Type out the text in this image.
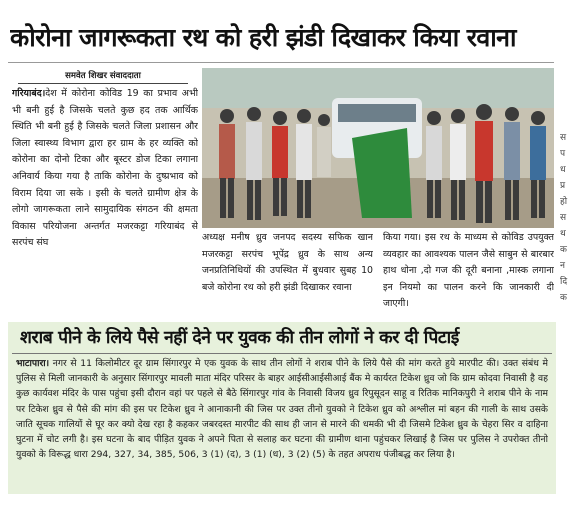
कोरोना जागरूकता रथ को हरी झंडी दिखाकर किया रवाना
समवेत शिखर संवाददाता
गरियाबंद।देश में कोरोना कोविड 19 का प्रभाव अभी भी बनी हुई है जिसके चलते कुछ हद तक आर्थिक स्थिति भी बनी हुई है जिसके चलते जिला प्रशासन और जिला स्वास्थ्य विभाग द्वारा हर ग्राम के हर व्यक्ति को कोरोना का दोनो टिका और बूस्टर डोज टिका लगाना अनिवार्य किया गया है ताकि कोरोना के दुष्प्रभाव को विराम दिया जा सके । इसी के चलते ग्रामीण क्षेत्र के लोगो जागरूकता लाने सामुदायिक संगठन की क्षमता विकास परियोजना अन्तर्गत मजरकट्टा गरियाबंद से सरपंच संघ	अध्यक्ष मनीष ध्रुव जनपद सदस्य सफिक खान मजरकट्टा सरपंच भूपेंद्र ध्रुव के साथ अन्य जनप्रतिनिधियों की उपस्थित में बुधवार सुबह 10 बजे कोरोना रथ को हरी झंडी दिखाकर रवाना
किया गया। इस रथ के माध्यम से कोविड उपयुक्त व्यवहार का आवश्यक पालन जैसे साबुन से बारबार हाथ धोना ,दो गज की दूरी बनाना ,मास्क लगाना इन नियमो का पालन करने कि जानकारी दी जाएगी।
स
प
ध
प्र
हो
स
थ
क
न
दि
क
शराब पीने के लिये पैसे नहीं देने पर युवक की तीन लोगों ने कर दी पिटाई
भाटापारा। नगर से 11 किलोमीटर दूर ग्राम सिंगारपुर मे एक युवक के साथ तीन लोगों ने शराब पीने के लिये पैसे की मांग करते हुये मारपीट की। उक्त संबंध मे पुलिस से मिली जानकारी के अनुसार सिंगारपुर मावली माता मंदिर परिसर के बाहर आईसीआईसीआई बैंक मे कार्यरत टिकेश ध्रुव जो कि ग्राम कोदवा निवासी है वह कुछ कार्यवश मंदिर के पास पहुंचा इसी दौरान वहां पर पहले से बैठे सिंगारपुर गांव के निवासी विजय ध्रुव रिपुसूदन साहू व रितिक मानिकपुरी ने शराब पीने के नाम पर टिकेश ध्रुव से पैसे की मांग की इस पर टिकेश ध्रुव ने आनाकानी की जिस पर उक्त तीनो युवको ने टिकेश ध्रुव को अश्लील मां बहन की गाली के साथ उसके जाति सूचक गालियों से घूर कर क्यो देख रहा है कहकर जबरदस्त मारपीट की साथ ही जान से मारने की धमकी भी दी जिसमे टिकेश ध्रुव के चेहरा सिर व दाहिना घुटना में चोट लगी है। इस घटना के बाद पीड़ित युवक ने अपने पिता से सलाह कर घटना की ग्रामीण थाना पहुंचकर लिखाई है जिस पर पुलिस ने उपरोक्त तीनो युवको के विरूद्ध धारा 294, 327, 34, 385, 506, 3 (1) (द), 3 (1) (ध), 3 (2) (5) के तहत अपराध पंजीबद्ध कर लिया है।
